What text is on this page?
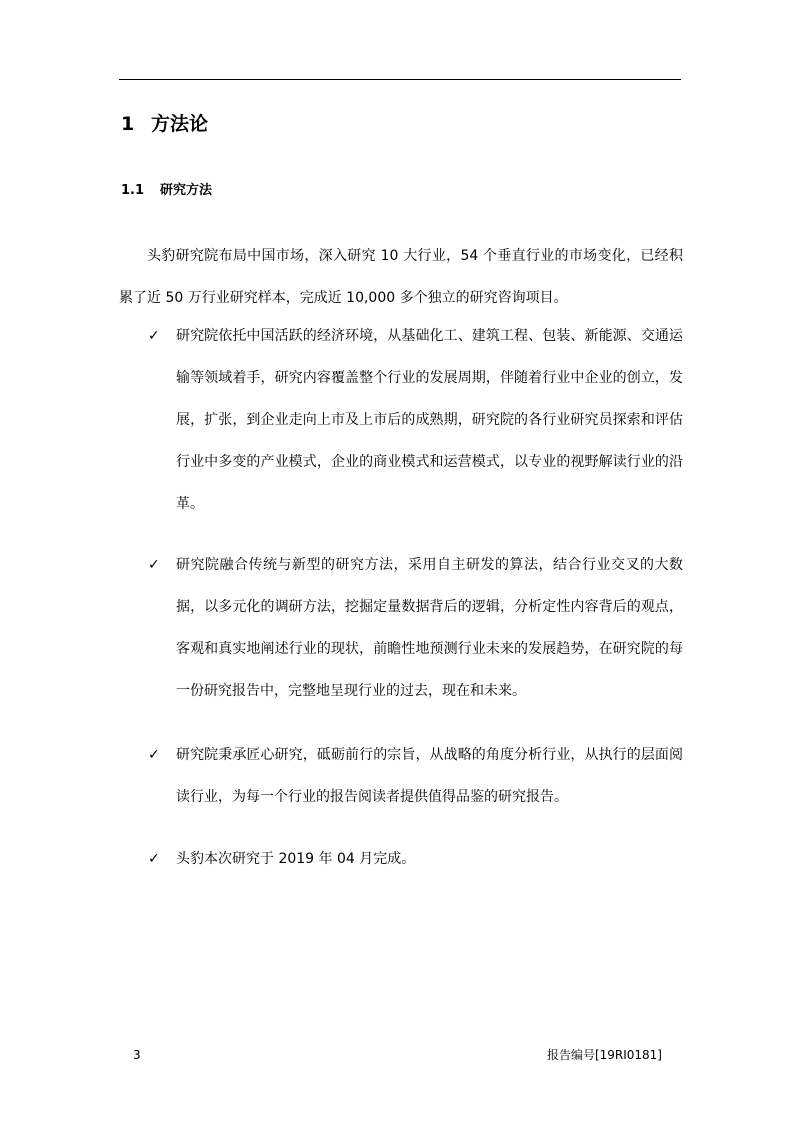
1 方法论
1.1 研究方法

头豹研究院布局中国市场，深入研究 10 大行业，54 个垂直行业的市场变化，已经积累了近 50 万行业研究样本，完成近 10,000 多个独立的研究咨询项目。

✓	研究院依托中国活跃的经济环境，从基础化工、建筑工程、包装、新能源、交通运输等领域着手，研究内容覆盖整个行业的发展周期，伴随着行业中企业的创立，发展，扩张，到企业走向上市及上市后的成熟期，研究院的各行业研究员探索和评估行业中多变的产业模式，企业的商业模式和运营模式，以专业的视野解读行业的沿革。
✓	研究院融合传统与新型的研究方法，采用自主研发的算法，结合行业交叉的大数据，以多元化的调研方法，挖掘定量数据背后的逻辑，分析定性内容背后的观点，客观和真实地阐述行业的现状，前瞻性地预测行业未来的发展趋势，在研究院的每一份研究报告中，完整地呈现行业的过去，现在和未来。
✓	研究院秉承匠心研究，砥砺前行的宗旨，从战略的角度分析行业，从执行的层面阅读行业，为每一个行业的报告阅读者提供值得品鉴的研究报告。
✓	头豹本次研究于 2019 年 04 月完成。
3	报告编号[19RI0181]
